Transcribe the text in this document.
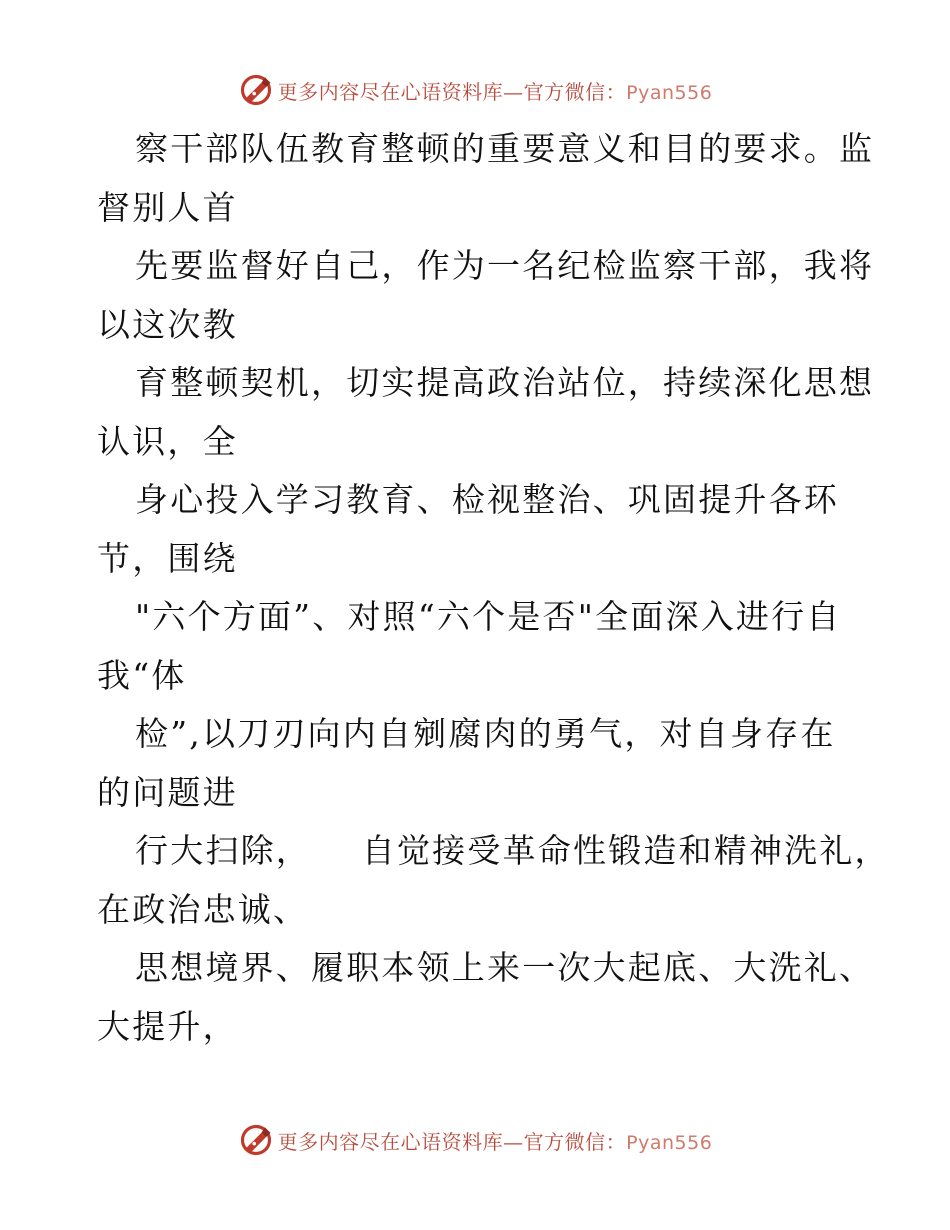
更多内容尽在心语资料库—官方微信：Pyan556
察干部队伍教育整顿的重要意义和目的要求。监
督别人首
先要监督好自己，作为一名纪检监察干部，我将
以这次教
育整顿契机，切实提高政治站位，持续深化思想
认识，全
身心投入学习教育、检视整治、巩固提升各环
节，围绕
"六个方面”、对照“六个是否"全面深入进行自
我“体
检”,以刀刃向内自剜腐肉的勇气，对自身存在
的问题进
行大扫除，    自觉接受革命性锻造和精神洗礼，
在政治忠诚、
思想境界、履职本领上来一次大起底、大洗礼、
大提升，
更多内容尽在心语资料库—官方微信：Pyan556
